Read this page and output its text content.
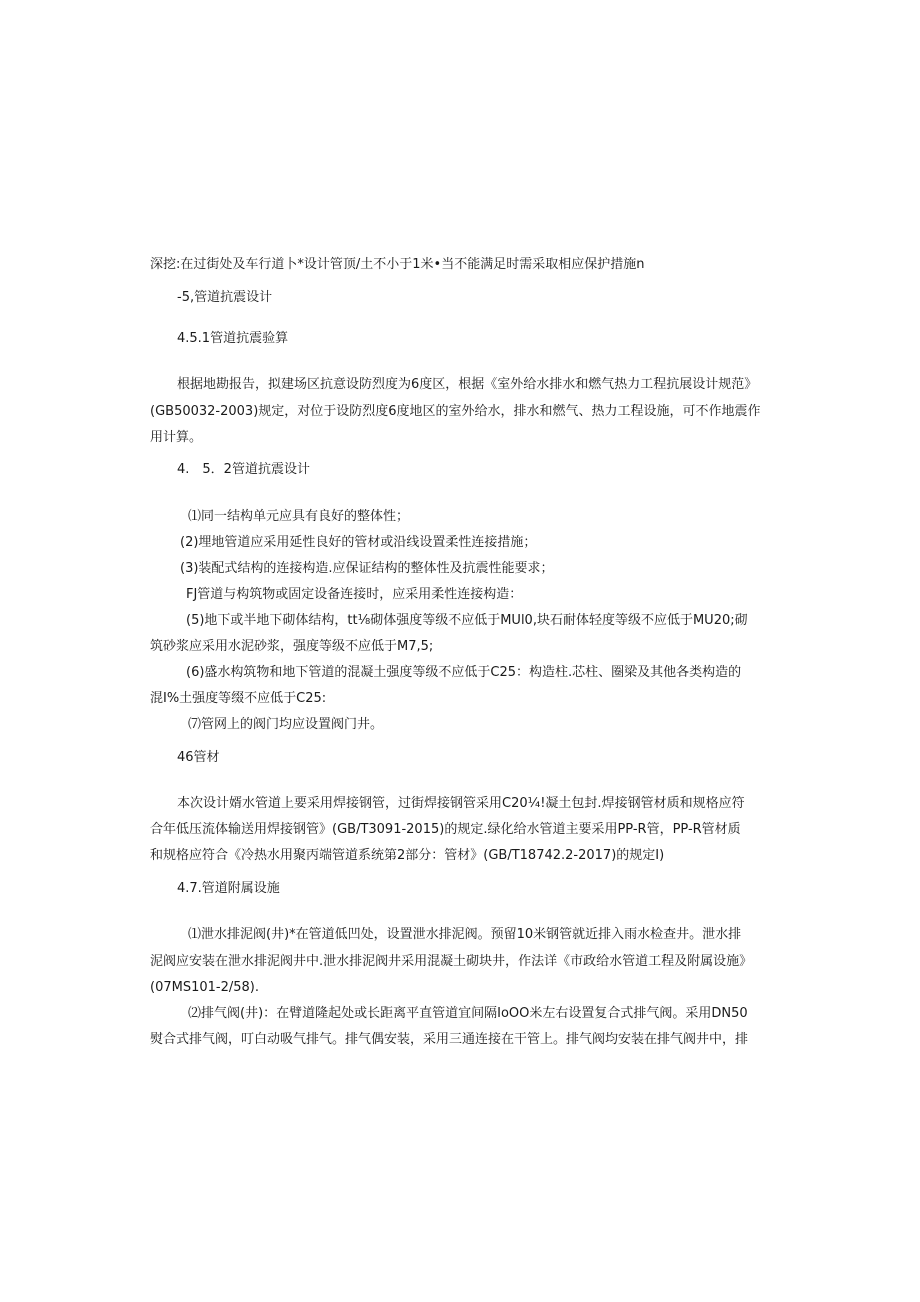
深挖:在过街处及车行道卜*设计管顶/土不小于1米•当不能满足时需采取相应保护措施n
-5,管道抗震设计
4.5.1管道抗震验算
根据地勘报告，拟建场区抗意设防烈度为6度区，根据《室外给水排水和燃气热力工程抗展设计规范》
(GB50032-2003)规定，对位于设防烈度6度地区的室外给水，排水和燃气、热力工程设施，可不作地震作
用计算。
4.　5．2管道抗震设计
⑴同一结构单元应具有良好的整体性；
(2)埋地管道应采用延性良好的管材或沿线设置柔性连接措施；
(3)装配式结构的连接构造.应保证结构的整体性及抗震性能要求；
FJ管道与构筑物或固定设备连接时，应采用柔性连接构造：
(5)地下或半地下砌体结构，tt⅛砌体强度等级不应低于MUl0,块石耐体轻度等级不应低于MU20;砌
筑砂浆应采用水泥砂浆，强度等级不应低于M7,5;
(6)盛水构筑物和地下管道的混凝土强度等级不应低于C25：构造柱.芯柱、圈梁及其他各类构造的
混I%土强度等缀不应低于C25:
⑺管网上的阀门均应设置阀门井。
46管材
本次设计婿水管道上要采用焊接钢管，过街焊接钢管采用C20¼!凝土包封.焊接钢管材质和规格应符
合年低压流体输送用焊接钢管》(GB/T3091-2015)的规定.绿化给水管道主要采用PP-R管，PP-R管材质
和规格应符合《冷热水用聚丙端管道系统第2部分：管材》(GB/T18742.2-2017)的规定I)
4.7.管道附属设施
⑴泄水排泥阀(井)*在管道低凹处，设置泄水排泥阀。预留10米钢管就近排入雨水检查井。泄水排
泥阀应安装在泄水排泥阀井中.泄水排泥阀井采用混凝土砌块井，作法详《市政给水管道工程及附属设施》
(07MS101-2/58).
⑵排气阀(井)：在臂道隆起处或长距离平直管道宜间隔IoOO米左右设置复合式排气阀。采用DN50
熨合式排气阀，叮白动吸气排气。排气偶安装，采用三通连接在干管上。排气阀均安装在排气阀井中，排
